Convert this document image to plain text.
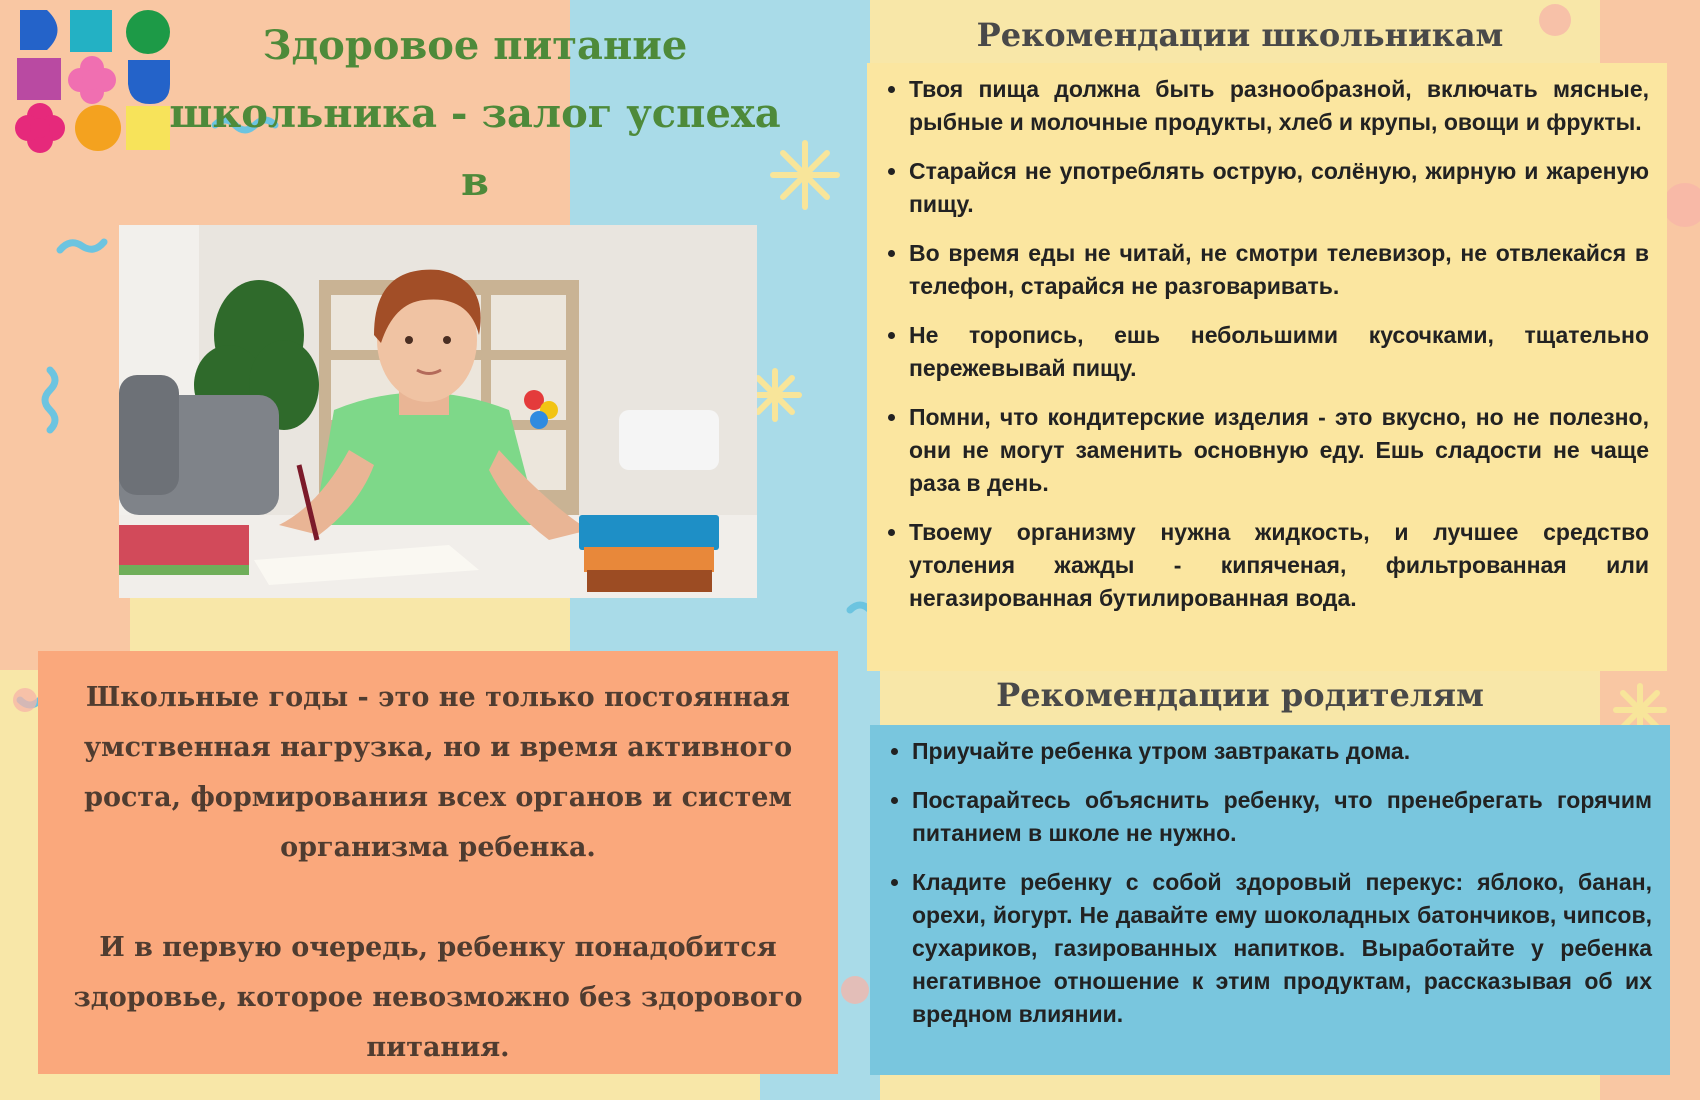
Здоровое питание
школьника - залог успеха в
Рекомендации школьникам
• Твоя пища должна быть разнообразной, включать мясные, рыбные и молочные продукты, хлеб и крупы, овощи и фрукты.
• Старайся не употреблять острую, солёную, жирную и жареную пищу.
• Во время еды не читай, не смотри телевизор, не отвлекайся в телефон, старайся не разговаривать.
• Не торопись, ешь небольшими кусочками, тщательно пережевывай пищу.
• Помни, что кондитерские изделия - это вкусно, но не полезно, они не могут заменить основную еду. Ешь сладости не чаще раза в день.
• Твоему организму нужна жидкость, и лучшее средство утоления жажды - кипяченая, фильтрованная или негазированная бутилированная вода.
Рекомендации родителям
• Приучайте ребенка утром завтракать дома.
• Постарайтесь объяснить ребенку, что пренебрегать горячим питанием в школе не нужно.
• Кладите ребенку с собой здоровый перекус: яблоко, банан, орехи, йогурт. Не давайте ему шоколадных батончиков, чипсов, сухариков, газированных напитков. Выработайте у ребенка негативное отношение к этим продуктам, рассказывая об их вредном влиянии.

Школьные годы - это не только постоянная умственная нагрузка, но и время активного роста, формирования всех органов и систем организма ребенка.

И в первую очередь, ребенку понадобится здоровье, которое невозможно без здорового питания.
